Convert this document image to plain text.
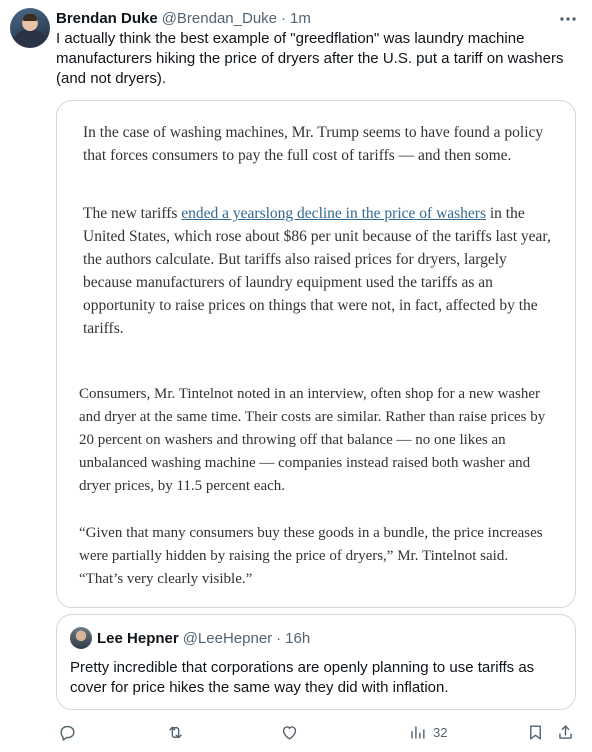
Brendan Duke @Brendan_Duke · 1m
I actually think the best example of "greedflation" was laundry machine manufacturers hiking the price of dryers after the U.S. put a tariff on washers (and not dryers).

In the case of washing machines, Mr. Trump seems to have found a policy that forces consumers to pay the full cost of tariffs — and then some.

The new tariffs ended a yearslong decline in the price of washers in the United States, which rose about $86 per unit because of the tariffs last year, the authors calculate. But tariffs also raised prices for dryers, largely because manufacturers of laundry equipment used the tariffs as an opportunity to raise prices on things that were not, in fact, affected by the tariffs.

Consumers, Mr. Tintelnot noted in an interview, often shop for a new washer and dryer at the same time. Their costs are similar. Rather than raise prices by 20 percent on washers and throwing off that balance — no one likes an unbalanced washing machine — companies instead raised both washer and dryer prices, by 11.5 percent each.

“Given that many consumers buy these goods in a bundle, the price increases were partially hidden by raising the price of dryers,” Mr. Tintelnot said. “That’s very clearly visible.”

Lee Hepner @LeeHepner · 16h
Pretty incredible that corporations are openly planning to use tariffs as cover for price hikes the same way they did with inflation.
32
